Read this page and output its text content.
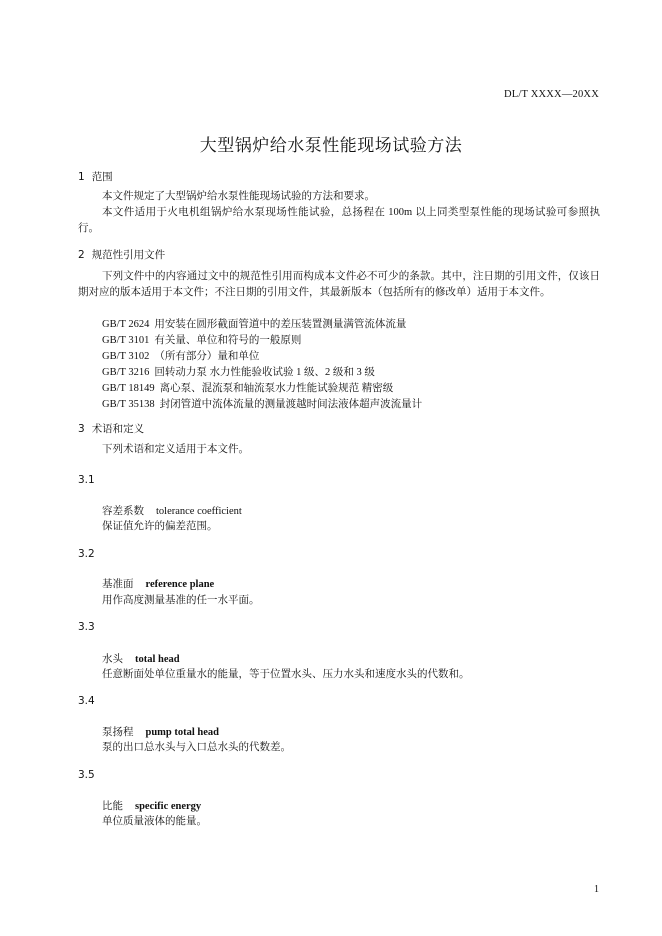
DL/T XXXX—20XX
大型锅炉给水泵性能现场试验方法
1 范围
本文件规定了大型锅炉给水泵性能现场试验的方法和要求。
本文件适用于火电机组锅炉给水泵现场性能试验，总扬程在 100m 以上同类型泵性能的现场试验可参照执行。
2 规范性引用文件
下列文件中的内容通过文中的规范性引用而构成本文件必不可少的条款。其中，注日期的引用文件，仅该日期对应的版本适用于本文件；不注日期的引用文件，其最新版本（包括所有的修改单）适用于本文件。
GB/T 2624 用安装在圆形截面管道中的差压装置测量满管流体流量
GB/T 3101 有关量、单位和符号的一般原则
GB/T 3102 （所有部分）量和单位
GB/T 3216 回转动力泵 水力性能验收试验 1 级、2 级和 3 级
GB/T 18149 离心泵、混流泵和轴流泵水力性能试验规范 精密级
GB/T 35138 封闭管道中流体流量的测量渡越时间法液体超声波流量计
3 术语和定义
下列术语和定义适用于本文件。
3.1
容差系数 tolerance coefficient
保证值允许的偏差范围。
3.2
基准面 reference plane
用作高度测量基准的任一水平面。
3.3
水头 total head
任意断面处单位重量水的能量，等于位置水头、压力水头和速度水头的代数和。
3.4
泵扬程 pump total head
泵的出口总水头与入口总水头的代数差。
3.5
比能 specific energy
单位质量液体的能量。
1
